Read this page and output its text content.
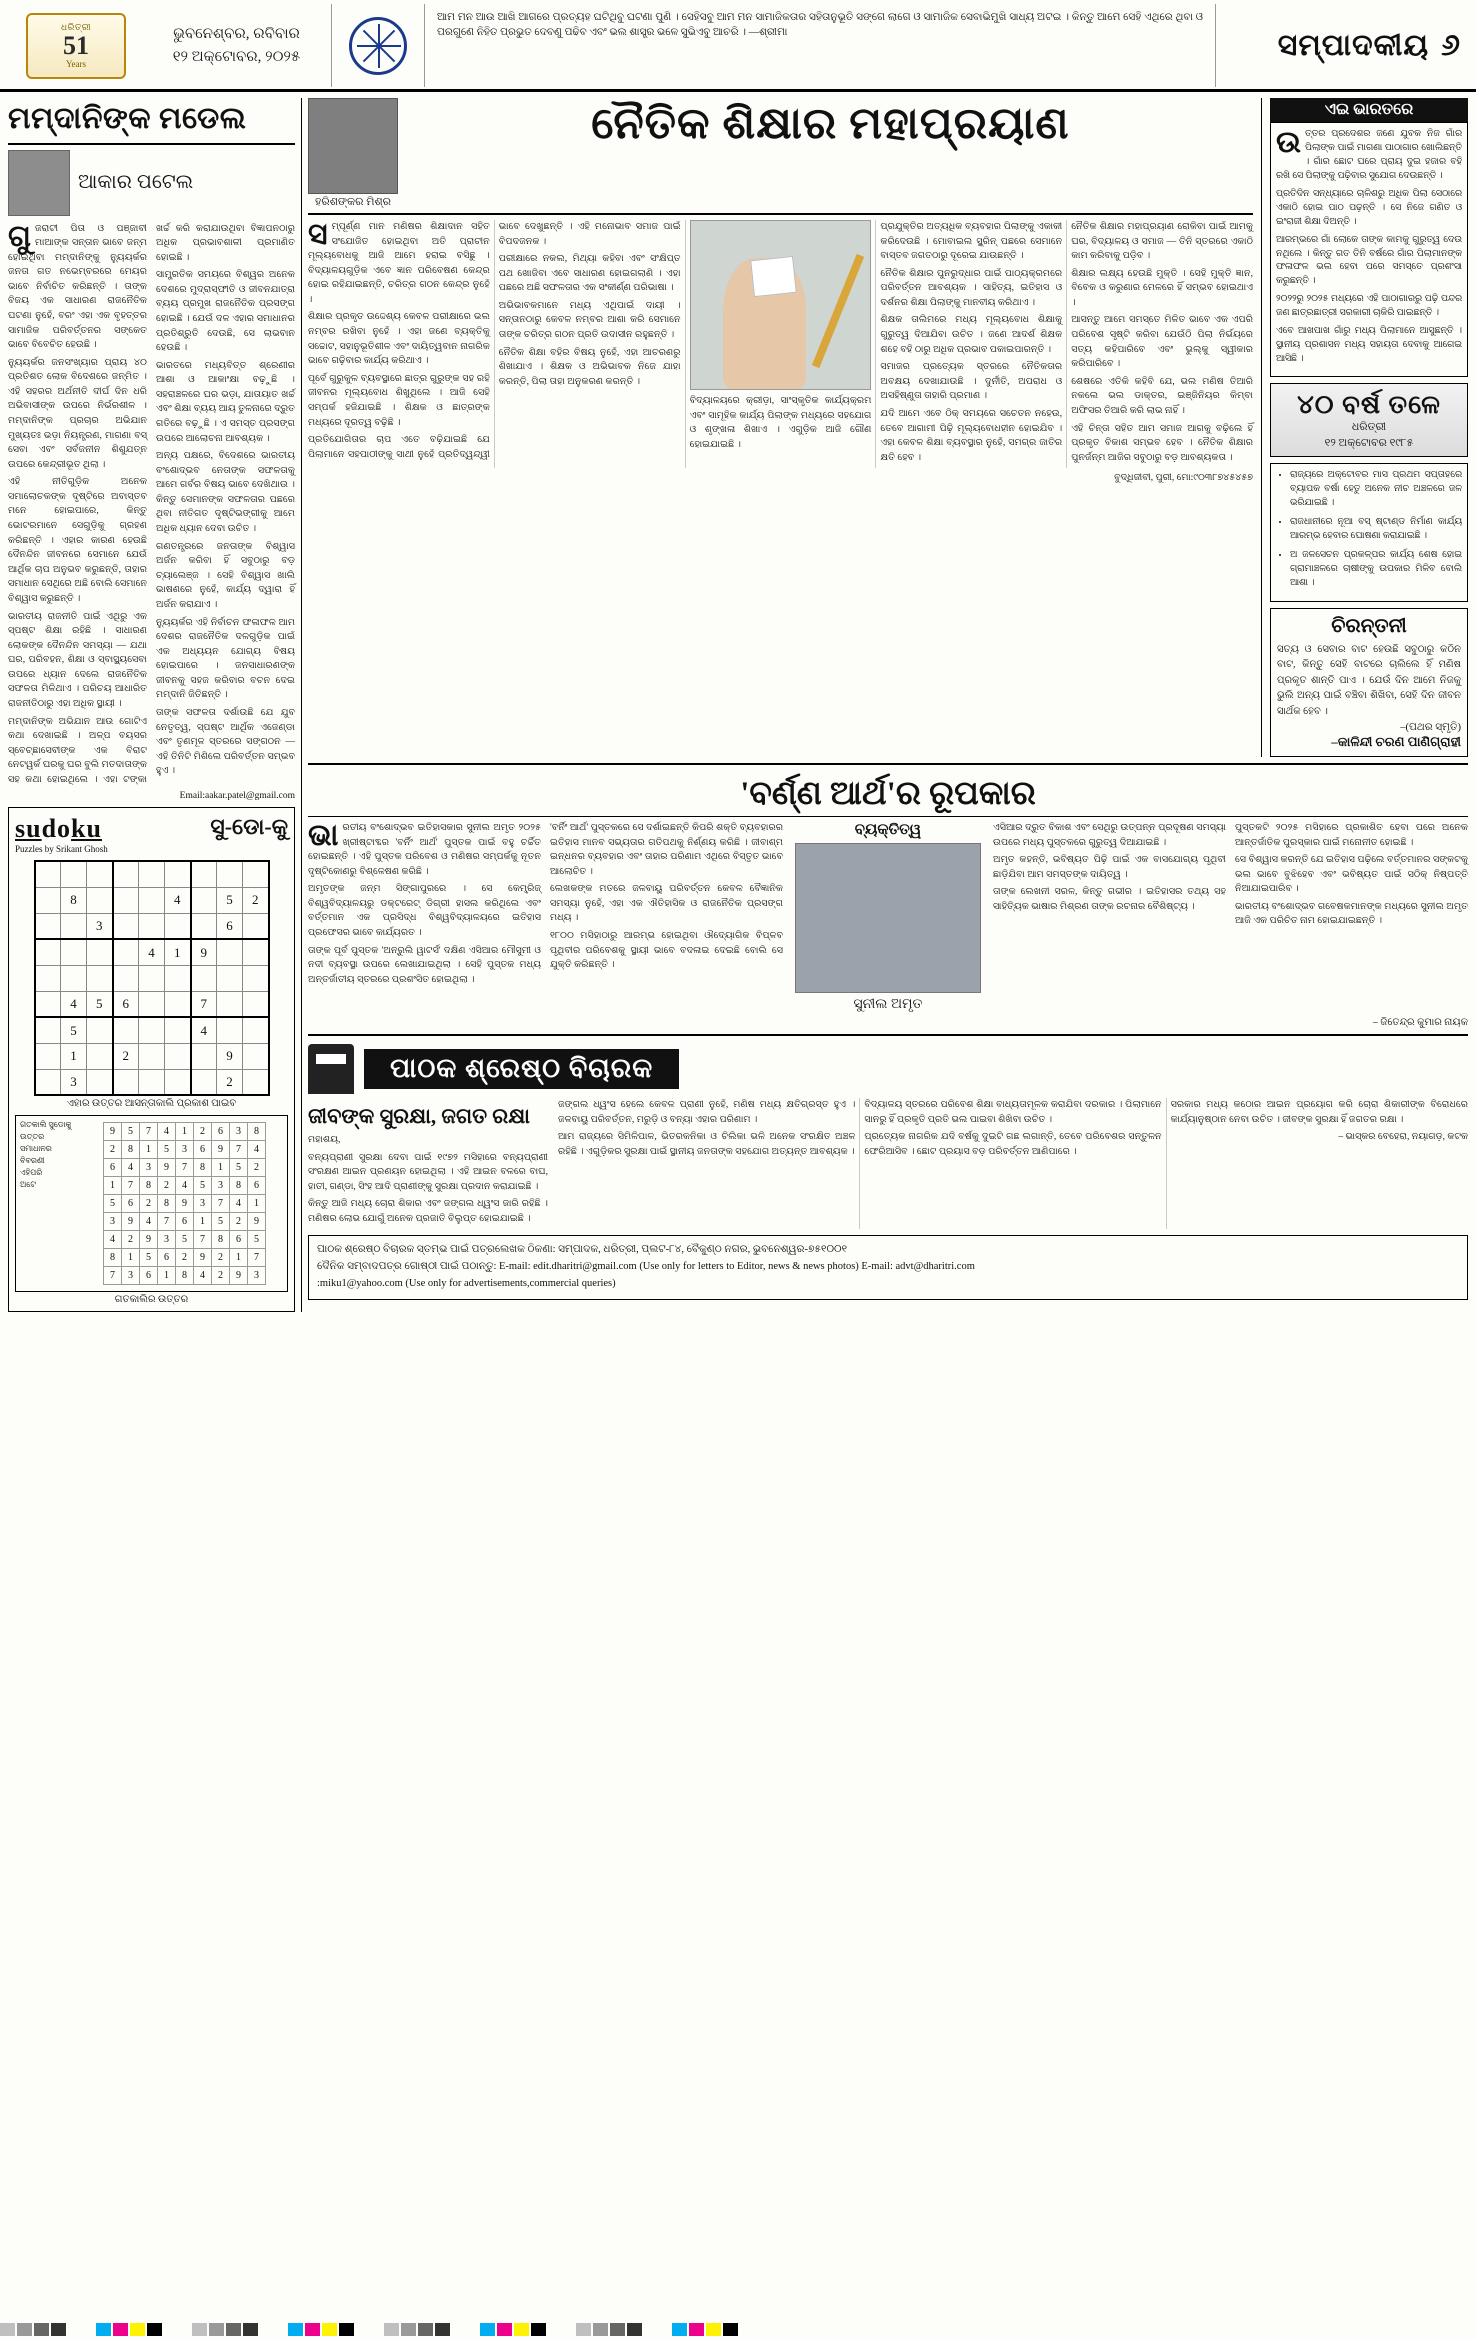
ଧରିତ୍ରୀ
51
Years
ଭୁବନେଶ୍ବର, ରବିବାର
୧୨ ଅକ୍ଟୋବର, ୨୦୨୫
ଆମ ମନ ଆଉ ଆଖି ଆଗରେ ପ୍ରତ୍ୟହ ଘଟିଥିବୁ ଘଟଣା ପୁଣି । ସେହିସବୁ ଆମ ମନ ସାମାଜିକତାର ସହିତାନୁଭୂତି ସଙ୍ଗେ ଲାଗେ ଓ ସାମାଜିକ ସେବାଭିମୁଖି ସାଧ୍ୟ ଅଟଇ । କିନ୍ତୁ ଆମେ ସେହି ଏଥିରେ ଥିବା ଓ ପରଗୁଣେ ନିହିତ ପ୍ରଭୁତ ଦେବଣୁ ପଢିବ ଏବଂ ଭଲ ଶାସ୍ତ୍ର ଭଳେ ସୁଭିଏବୁ ଆଚରି । —ଶ୍ରୀମା	ସମ୍ପାଦକୀୟ ୬
ମମ୍‌ଦାନିଙ୍କ ମଡେଲ
ଆକାର ପଟେଲ

ଗୁଜରାଟୀ ପିତା ଓ ପଞ୍ଜାବୀ ମାଆଙ୍କ ସନ୍ତାନ ଭାବେ ଜନ୍ମ ହୋଇଥିବା ମମ୍‌ଦାନିଙ୍କୁ ନ୍ୟୁୟର୍କର ଜନତା ଗତ ନଭେମ୍ବରରେ ମେୟର ଭାବେ ନିର୍ବାଚିତ କରିଛନ୍ତି । ତାଙ୍କ ବିଜୟ ଏକ ସାଧାରଣ ରାଜନୈତିକ ଘଟଣା ନୁହେଁ, ବରଂ ଏହା ଏକ ବୃହତ୍ତର ସାମାଜିକ ପରିବର୍ତ୍ତନର ସଙ୍କେତ ଭାବେ ବିବେଚିତ ହେଉଛି ।

ନ୍ୟୁୟର୍କର ଜନସଂଖ୍ୟାର ପ୍ରାୟ ୪୦ ପ୍ରତିଶତ ଲୋକ ବିଦେଶରେ ଜନ୍ମିତ । ଏହି ସହରର ଅର୍ଥନୀତି ଦୀର୍ଘ ଦିନ ଧରି ଅଭିବାସୀଙ୍କ ଉପରେ ନିର୍ଭରଶୀଳ । ମମ୍‌ଦାନିଙ୍କ ପ୍ରଚାର ଅଭିଯାନ ମୁଖ୍ୟତଃ ଭଡ଼ା ନିୟନ୍ତ୍ରଣ, ମାଗଣା ବସ୍‌ ସେବା ଏବଂ ସର୍ବଜନୀନ ଶିଶୁଯତ୍ନ ଉପରେ କେନ୍ଦ୍ରୀଭୂତ ଥିଲା ।

ଏହି ନୀତିଗୁଡ଼ିକ ଅନେକ ସମାଲୋଚକଙ୍କ ଦୃଷ୍ଟିରେ ଅବାସ୍ତବ ମନେ ହୋଇପାରେ, କିନ୍ତୁ ଭୋଟରମାନେ ସେଗୁଡ଼ିକୁ ଗ୍ରହଣ କରିଛନ୍ତି । ଏହାର କାରଣ ହେଉଛି ଦୈନନ୍ଦିନ ଜୀବନରେ ସେମାନେ ଯେଉଁ ଆର୍ଥିକ ଚାପ ଅନୁଭବ କରୁଛନ୍ତି, ତାହାର ସମାଧାନ ସେଥିରେ ଅଛି ବୋଲି ସେମାନେ ବିଶ୍ୱାସ କରୁଛନ୍ତି ।

ଭାରତୀୟ ରାଜନୀତି ପାଇଁ ଏଥିରୁ ଏକ ସ୍ପଷ୍ଟ ଶିକ୍ଷା ରହିଛି । ସାଧାରଣ ଲୋକଙ୍କ ଦୈନନ୍ଦିନ ସମସ୍ୟା — ଯଥା ଘର, ପରିବହନ, ଶିକ୍ଷା ଓ ସ୍ବାସ୍ଥ୍ୟସେବା ଉପରେ ଧ୍ୟାନ ଦେଲେ ରାଜନୈତିକ ସଫଳତା ମିଳିଥାଏ । ପରିଚୟ ଆଧାରିତ ରାଜନୀତିଠାରୁ ଏହା ଅଧିକ ସ୍ଥାୟୀ ।

ମମ୍‌ଦାନିଙ୍କ ଅଭିଯାନ ଆଉ ଗୋଟିଏ କଥା ଦେଖାଇଛି । ଅଳ୍ପ ବୟସର ସ୍ବେଚ୍ଛାସେବୀଙ୍କ ଏକ ବିରାଟ ନେଟୱର୍କ ଘରକୁ ଘର ବୁଲି ମତଦାତାଙ୍କ ସହ କଥା ହୋଇଥିଲେ । ଏହା ଟଙ୍କା ଖର୍ଚ୍ଚ କରି କରାଯାଉଥିବା ବିଜ୍ଞାପନଠାରୁ ଅଧିକ ପ୍ରଭାବଶାଳୀ ପ୍ରମାଣିତ ହୋଇଛି ।

ସାମ୍ପ୍ରତିକ ସମୟରେ ବିଶ୍ୱର ଅନେକ ଦେଶରେ ମୁଦ୍ରାସ୍ଫୀତି ଓ ଜୀବନଯାତ୍ରା ବ୍ୟୟ ପ୍ରମୁଖ ରାଜନୈତିକ ପ୍ରସଙ୍ଗ ହୋଇଛି । ଯେଉଁ ଦଳ ଏହାର ସମାଧାନର ପ୍ରତିଶ୍ରୁତି ଦେଉଛି, ସେ ଲାଭବାନ ହେଉଛି ।

ଭାରତରେ ମଧ୍ୟବିତ୍ତ ଶ୍ରେଣୀର ଆଶା ଓ ଆକାଂକ୍ଷା ବଢ଼ୁଛି । ସହରାଞ୍ଚଳରେ ଘର ଭଡ଼ା, ଯାତାୟାତ ଖର୍ଚ୍ଚ ଏବଂ ଶିକ୍ଷା ବ୍ୟୟ ଆୟ ତୁଳନାରେ ଦ୍ରୁତ ଗତିରେ ବଢ଼ୁଛି । ଏ ସମସ୍ତ ପ୍ରସଙ୍ଗ ଉପରେ ଆଲୋଚନା ଆବଶ୍ୟକ ।

ଅନ୍ୟ ପକ୍ଷରେ, ବିଦେଶରେ ଭାରତୀୟ ବଂଶୋଦ୍ଭବ ନେତାଙ୍କ ସଫଳତାକୁ ଆମେ ଗର୍ବର ବିଷୟ ଭାବେ ଦେଖିଥାଉ । କିନ୍ତୁ ସେମାନଙ୍କ ସଫଳତାର ପଛରେ ଥିବା ନୀତିଗତ ଦୃଷ୍ଟିଭଙ୍ଗୀକୁ ଆମେ ଅଧିକ ଧ୍ୟାନ ଦେବା ଉଚିତ ।

ଗଣତନ୍ତ୍ରରେ ଜନତାଙ୍କ ବିଶ୍ୱାସ ଅର୍ଜନ କରିବା ହିଁ ସବୁଠାରୁ ବଡ଼ ଚ୍ୟାଲେଞ୍ଜ । ସେହି ବିଶ୍ୱାସ ଖାଲି ଭାଷଣରେ ନୁହେଁ, କାର୍ଯ୍ୟ ଦ୍ୱାରା ହିଁ ଅର୍ଜନ କରାଯାଏ ।

ନ୍ୟୁୟର୍କର ଏହି ନିର୍ବାଚନ ଫଳାଫଳ ଆମ ଦେଶର ରାଜନୈତିକ ଦଳଗୁଡ଼ିକ ପାଇଁ ଏକ ଅଧ୍ୟୟନ ଯୋଗ୍ୟ ବିଷୟ ହୋଇପାରେ । ଜନସାଧାରଣଙ୍କ ଜୀବନକୁ ସହଜ କରିବାର ବଚନ ଦେଇ ମମ୍‌ଦାନି ଜିତିଛନ୍ତି ।

ତାଙ୍କ ସଫଳତା ଦର୍ଶାଉଛି ଯେ ଯୁବ ନେତୃତ୍ୱ, ସ୍ପଷ୍ଟ ଆର୍ଥିକ ଏଜେଣ୍ଡା ଏବଂ ତୃଣମୂଳ ସ୍ତରରେ ସଙ୍ଗଠନ — ଏହି ତିନିଟି ମିଶିଲେ ପରିବର୍ତ୍ତନ ସମ୍ଭବ ହୁଏ ।

Email:aakar.patel@gmail.com
sudoku
Puzzles by Srikant Ghosh
ସୁ-ଡୋ-କୁ

	8				4		5	2
		3					6	
				4	1	9		

	4	5	6			7		
	5					4		
	1		2				9	
	3						2	
ଏହାର ଉତ୍ତର ଆସନ୍ତାକାଲି ପ୍ରକାଶ ପାଇବ
ଗତକାଲି ସୁଡୋକୁ
ଉତ୍ତର
ସମାଧାନର
ବିବରଣୀ
ଏହିପରି
ଅଟେ
9	5	7	4	1	2	6	3	8
2	8	1	5	3	6	9	7	4
6	4	3	9	7	8	1	5	2
1	7	8	2	4	5	3	8	6
5	6	2	8	9	3	7	4	1
3	9	4	7	6	1	5	2	9
4	2	9	3	5	7	8	6	5
8	1	5	6	2	9	2	1	7
7	3	6	1	8	4	2	9	3
ଗତକାଲିର ଉତ୍ତର
ହରିଶଙ୍କର ମିଶ୍ର
ନୈତିକ ଶିକ୍ଷାର ମହାପ୍ରୟାଣ

ସମ୍ପୂର୍ଣ୍ଣ ମାନ ମଣିଷର ଶିକ୍ଷାଦାନ ସହିତ ସଂଯୋଜିତ ହୋଇଥିବା ଅତି ପ୍ରାଚୀନ ମୂଲ୍ୟବୋଧକୁ ଆଜି ଆମେ ହରାଇ ବସିଛୁ । ବିଦ୍ୟାଳୟଗୁଡ଼ିକ ଏବେ ଜ୍ଞାନ ପରିବେଷଣ କେନ୍ଦ୍ର ହୋଇ ରହିଯାଇଛନ୍ତି, ଚରିତ୍ର ଗଠନ କେନ୍ଦ୍ର ନୁହେଁ ।

ଶିକ୍ଷାର ପ୍ରକୃତ ଉଦ୍ଦେଶ୍ୟ କେବଳ ପରୀକ୍ଷାରେ ଭଲ ନମ୍ବର ରଖିବା ନୁହେଁ । ଏହା ଜଣେ ବ୍ୟକ୍ତିକୁ ସଚ୍ଚୋଟ, ସହାନୁଭୂତିଶୀଳ ଏବଂ ଦାୟିତ୍ୱବାନ ନାଗରିକ ଭାବେ ଗଢ଼ିବାର କାର୍ଯ୍ୟ କରିଥାଏ ।

ପୂର୍ବେ ଗୁରୁକୁଳ ବ୍ୟବସ୍ଥାରେ ଛାତ୍ର ଗୁରୁଙ୍କ ସହ ରହି ଜୀବନର ମୂଲ୍ୟବୋଧ ଶିଖୁଥିଲେ । ଆଜି ସେହି ସମ୍ପର୍କ ହଜିଯାଇଛି । ଶିକ୍ଷକ ଓ ଛାତ୍ରଙ୍କ ମଧ୍ୟରେ ଦୂରତ୍ୱ ବଢ଼ିଛି ।

ପ୍ରତିଯୋଗିତାର ଚାପ ଏତେ ବଢ଼ିଯାଇଛି ଯେ ପିଲାମାନେ ସହପାଠୀଙ୍କୁ ସାଥୀ ନୁହେଁ ପ୍ରତିଦ୍ୱନ୍ଦ୍ୱୀ ଭାବେ ଦେଖୁଛନ୍ତି । ଏହି ମନୋଭାବ ସମାଜ ପାଇଁ ବିପଦଜନକ ।

ପରୀକ୍ଷାରେ ନକଲ, ମିଥ୍ୟା କହିବା ଏବଂ ସଂକ୍ଷିପ୍ତ ପଥ ଖୋଜିବା ଏବେ ସାଧାରଣ ହୋଇଗଲାଣି । ଏହା ପଛରେ ଅଛି ସଫଳତାର ଏକ ସଂକୀର୍ଣ୍ଣ ପରିଭାଷା ।

ଅଭିଭାବକମାନେ ମଧ୍ୟ ଏଥିପାଇଁ ଦାୟୀ । ସନ୍ତାନଠାରୁ କେବଳ ନମ୍ବର ଆଶା କରି ସେମାନେ ତାଙ୍କ ଚରିତ୍ର ଗଠନ ପ୍ରତି ଉଦାସୀନ ରହୁଛନ୍ତି ।

ନୈତିକ ଶିକ୍ଷା ବହିର ବିଷୟ ନୁହେଁ, ଏହା ଆଚରଣରୁ ଶିଖାଯାଏ । ଶିକ୍ଷକ ଓ ଅଭିଭାବକ ନିଜେ ଯାହା କରନ୍ତି, ପିଲା ତାହା ଅନୁକରଣ କରନ୍ତି ।

ବିଦ୍ୟାଳୟରେ କ୍ରୀଡ଼ା, ସାଂସ୍କୃତିକ କାର୍ଯ୍ୟକ୍ରମ ଏବଂ ସାମୂହିକ କାର୍ଯ୍ୟ ପିଲାଙ୍କ ମଧ୍ୟରେ ସହଯୋଗ ଓ ଶୃଙ୍ଖଳା ଶିଖାଏ । ଏଗୁଡ଼ିକ ଆଜି ଗୌଣ ହୋଇଯାଇଛି ।

ପ୍ରଯୁକ୍ତିର ଅତ୍ୟଧିକ ବ୍ୟବହାର ପିଲାଙ୍କୁ ଏକାକୀ କରିଦେଉଛି । ମୋବାଇଲ ସ୍କ୍ରିନ୍‌ ପଛରେ ସେମାନେ ବାସ୍ତବ ଜଗତଠାରୁ ଦୂରେଇ ଯାଉଛନ୍ତି ।

ନୈତିକ ଶିକ୍ଷାର ପୁନରୁଦ୍ଧାର ପାଇଁ ପାଠ୍ୟକ୍ରମରେ ପରିବର୍ତ୍ତନ ଆବଶ୍ୟକ । ସାହିତ୍ୟ, ଇତିହାସ ଓ ଦର୍ଶନର ଶିକ୍ଷା ପିଲାଙ୍କୁ ମାନବୀୟ କରିଥାଏ ।

ଶିକ୍ଷକ ତାଲିମରେ ମଧ୍ୟ ମୂଲ୍ୟବୋଧ ଶିକ୍ଷାକୁ ଗୁରୁତ୍ୱ ଦିଆଯିବା ଉଚିତ । ଜଣେ ଆଦର୍ଶ ଶିକ୍ଷକ ଶହେ ବହି ଠାରୁ ଅଧିକ ପ୍ରଭାବ ପକାଇପାରନ୍ତି ।

ସମାଜର ପ୍ରତ୍ୟେକ ସ୍ତରରେ ନୈତିକତାର ଅବକ୍ଷୟ ଦେଖାଯାଉଛି । ଦୁର୍ନୀତି, ଅପରାଧ ଓ ଅସହିଷ୍ଣୁତା ତାହାରି ପ୍ରମାଣ ।

ଯଦି ଆମେ ଏବେ ଠିକ୍‌ ସମୟରେ ସଚେତନ ନହେଉ, ତେବେ ଆଗାମୀ ପିଢ଼ି ମୂଲ୍ୟବୋଧହୀନ ହୋଇଯିବ । ଏହା କେବଳ ଶିକ୍ଷା ବ୍ୟବସ୍ଥାର ନୁହେଁ, ସମଗ୍ର ଜାତିର କ୍ଷତି ହେବ ।

ନୈତିକ ଶିକ୍ଷାର ମହାପ୍ରୟାଣ ରୋକିବା ପାଇଁ ଆମକୁ ଘର, ବିଦ୍ୟାଳୟ ଓ ସମାଜ — ତିନି ସ୍ତରରେ ଏକାଠି କାମ କରିବାକୁ ପଡ଼ିବ ।

ଶିକ୍ଷାର ଲକ୍ଷ୍ୟ ହେଉଛି ମୁକ୍ତି । ସେହି ମୁକ୍ତି ଜ୍ଞାନ, ବିବେକ ଓ କରୁଣାର ମେଳରେ ହିଁ ସମ୍ଭବ ହୋଇଥାଏ ।

ଆସନ୍ତୁ ଆମେ ସମସ୍ତେ ମିଳିତ ଭାବେ ଏକ ଏପରି ପରିବେଶ ସୃଷ୍ଟି କରିବା ଯେଉଁଠି ପିଲା ନିର୍ଭୟରେ ସତ୍ୟ କହିପାରିବେ ଏବଂ ଭୁଲ୍‌କୁ ସ୍ୱୀକାର କରିପାରିବେ ।

ଶେଷରେ ଏତିକି କହିବି ଯେ, ଭଲ ମଣିଷ ତିଆରି ନକଲେ ଭଲ ଡାକ୍ତର, ଇଞ୍ଜିନିୟର କିମ୍ବା ଅଫିସର ତିଆରି କରି ଲାଭ ନାହିଁ ।

ଏହି ଚିନ୍ତା ସହିତ ଆମ ସମାଜ ଆଗକୁ ବଢ଼ିଲେ ହିଁ ପ୍ରକୃତ ବିକାଶ ସମ୍ଭବ ହେବ । ନୈତିକ ଶିକ୍ଷାର ପୁନର୍ଜନ୍ମ ଆଜିର ସବୁଠାରୁ ବଡ଼ ଆବଶ୍ୟକତା ।

ବୁଦ୍ଧିଜୀବୀ, ପୁରୀ, ମୋ:୯୦୩୮୭୪୫୪୫୭
ଏଇ ଭାରତରେ

ଉତ୍ତର ପ୍ରଦେଶର ଜଣେ ଯୁବକ ନିଜ ଗାଁର ପିଲାଙ୍କ ପାଇଁ ମାଗଣା ପାଠାଗାର ଖୋଲିଛନ୍ତି । ଗାଁର ଛୋଟ ଘରେ ପ୍ରାୟ ଦୁଇ ହଜାର ବହି ରଖି ସେ ପିଲାଙ୍କୁ ପଢ଼ିବାର ସୁଯୋଗ ଦେଉଛନ୍ତି ।

ପ୍ରତିଦିନ ସନ୍ଧ୍ୟାରେ ଚାଳିଶରୁ ଅଧିକ ପିଲା ସେଠାରେ ଏକାଠି ହୋଇ ପାଠ ପଢ଼ନ୍ତି । ସେ ନିଜେ ଗଣିତ ଓ ଇଂରାଜୀ ଶିକ୍ଷା ଦିଅନ୍ତି ।

ଆରମ୍ଭରେ ଗାଁ ଲୋକେ ତାଙ୍କ କାମକୁ ଗୁରୁତ୍ୱ ଦେଉ ନଥିଲେ । କିନ୍ତୁ ଗତ ତିନି ବର୍ଷରେ ଗାଁର ପିଲାମାନଙ୍କ ଫଳାଫଳ ଭଲ ହେବା ପରେ ସମସ୍ତେ ପ୍ରଶଂସା କରୁଛନ୍ତି ।

୨୦୨୨ରୁ ୨୦୨୫ ମଧ୍ୟରେ ଏହି ପାଠାଗାରରୁ ପଢ଼ି ପନ୍ଦର ଜଣ ଛାତ୍ରଛାତ୍ରୀ ସରକାରୀ ଚାକିରି ପାଇଛନ୍ତି ।

ଏବେ ଆଖପାଖ ଗାଁରୁ ମଧ୍ୟ ପିଲାମାନେ ଆସୁଛନ୍ତି । ସ୍ଥାନୀୟ ପ୍ରଶାସନ ମଧ୍ୟ ସହାୟତା ଦେବାକୁ ଆଗେଇ ଆସିଛି ।

୪୦ ବର୍ଷ ତଳେ
ଧରିତ୍ରୀ
୧୨ ଅକ୍ଟୋବର ୧୯୮୫
• ରାଜ୍ୟରେ ଅକ୍ଟୋବର ମାସ ପ୍ରଥମ ସପ୍ତାହରେ ବ୍ୟାପକ ବର୍ଷା ହେତୁ ଅନେକ ନୀଚ ଅଞ୍ଚଳରେ ଜଳ ଭରିଯାଇଛି ।
• ରାଜଧାନୀରେ ନୂଆ ବସ୍‌ ଷ୍ଟାଣ୍ଡ ନିର୍ମାଣ କାର୍ଯ୍ୟ ଆରମ୍ଭ ହେବାର ଘୋଷଣା କରାଯାଇଛି ।
• ଅ ଜଳସେଚନ ପ୍ରକଳ୍ପର କାର୍ଯ୍ୟ ଶେଷ ହୋଇ ଗ୍ରାମାଞ୍ଚଳରେ ଚାଷୀଙ୍କୁ ଉପକାର ମିଳିବ ବୋଲି ଆଶା ।
ଚିରନ୍ତନୀ
ସତ୍ୟ ଓ ସେବାର ବାଟ ହେଉଛି ସବୁଠାରୁ କଠିନ ବାଟ, କିନ୍ତୁ ସେହି ବାଟରେ ଚାଲିଲେ ହିଁ ମଣିଷ ପ୍ରକୃତ ଶାନ୍ତି ପାଏ । ଯେଉଁ ଦିନ ଆମେ ନିଜକୁ ଭୁଲି ଅନ୍ୟ ପାଇଁ ବଞ୍ଚିବା ଶିଖିବା, ସେହି ଦିନ ଜୀବନ ସାର୍ଥକ ହେବ ।
–(ପଥର ସ୍ମୃତି)
–କାଳିନ୍ଦୀ ଚରଣ ପାଣିଗ୍ରାହୀ
'ବର୍ଣ୍ଣ ଆର୍ଥ'ର ରୂପକାର

ଭାରତୀୟ ବଂଶୋଦ୍ଭବ ଇତିହାସକାର ସୁନୀଲ ଅମୃତ ୨୦୨୫ ଖ୍ରୀଷ୍ଟାବ୍ଦର 'ବର୍ନିଂ ଆର୍ଥ' ପୁସ୍ତକ ପାଇଁ ବହୁ ଚର୍ଚ୍ଚିତ ହୋଇଛନ୍ତି । ଏହି ପୁସ୍ତକ ପରିବେଶ ଓ ମଣିଷର ସମ୍ପର୍କକୁ ନୂତନ ଦୃଷ୍ଟିକୋଣରୁ ବିଶ୍ଳେଷଣ କରିଛି ।

ଅମୃତଙ୍କ ଜନ୍ମ ସିଙ୍ଗାପୁରରେ । ସେ କେମ୍ବ୍ରିଜ୍‌ ବିଶ୍ୱବିଦ୍ୟାଳୟରୁ ଡକ୍ଟରେଟ୍‌ ଡିଗ୍ରୀ ହାସଲ କରିଥିଲେ ଏବଂ ବର୍ତ୍ତମାନ ଏକ ପ୍ରସିଦ୍ଧ ବିଶ୍ୱବିଦ୍ୟାଳୟରେ ଇତିହାସ ପ୍ରଫେସର ଭାବେ କାର୍ଯ୍ୟରତ ।

ତାଙ୍କ ପୂର୍ବ ପୁସ୍ତକ 'ଅନ୍‌ରୁଲି ୱାଟର୍ସ' ଦକ୍ଷିଣ ଏସିଆର ମୌସୁମୀ ଓ ନଦୀ ବ୍ୟବସ୍ଥା ଉପରେ ଲେଖାଯାଇଥିଲା । ସେହି ପୁସ୍ତକ ମଧ୍ୟ ଅନ୍ତର୍ଜାତୀୟ ସ୍ତରରେ ପ୍ରଶଂସିତ ହୋଇଥିଲା ।

'ବର୍ନିଂ ଆର୍ଥ' ପୁସ୍ତକରେ ସେ ଦର୍ଶାଇଛନ୍ତି କିପରି ଶକ୍ତି ବ୍ୟବହାରର ଇତିହାସ ମାନବ ସଭ୍ୟତାର ଗତିପଥକୁ ନିର୍ଣ୍ଣୟ କରିଛି । ଜୀବାଶ୍ମ ଇନ୍ଧନର ବ୍ୟବହାର ଏବଂ ତାହାର ପରିଣାମ ଏଥିରେ ବିସ୍ତୃତ ଭାବେ ଆଲୋଚିତ ।

ଲେଖକଙ୍କ ମତରେ ଜଳବାୟୁ ପରିବର୍ତ୍ତନ କେବଳ ବୈଜ୍ଞାନିକ ସମସ୍ୟା ନୁହେଁ, ଏହା ଏକ ଐତିହାସିକ ଓ ରାଜନୈତିକ ପ୍ରସଙ୍ଗ ମଧ୍ୟ ।

୧୮୦୦ ମସିହାଠାରୁ ଆରମ୍ଭ ହୋଇଥିବା ଔଦ୍ୟୋଗିକ ବିପ୍ଳବ ପୃଥିବୀର ପରିବେଶକୁ ସ୍ଥାୟୀ ଭାବେ ବଦଳାଇ ଦେଇଛି ବୋଲି ସେ ଯୁକ୍ତି କରିଛନ୍ତି ।

ବ୍ୟକ୍ତିତ୍ୱ
ସୁନୀଲ ଅମୃତ

ଏସିଆର ଦ୍ରୁତ ବିକାଶ ଏବଂ ସେଥିରୁ ଉତ୍ପନ୍ନ ପ୍ରଦୂଷଣ ସମସ୍ୟା ଉପରେ ମଧ୍ୟ ପୁସ୍ତକରେ ଗୁରୁତ୍ୱ ଦିଆଯାଇଛି ।

ଅମୃତ କହନ୍ତି, ଭବିଷ୍ୟତ ପିଢ଼ି ପାଇଁ ଏକ ବାସଯୋଗ୍ୟ ପୃଥିବୀ ଛାଡ଼ିଯିବା ଆମ ସମସ୍ତଙ୍କ ଦାୟିତ୍ୱ ।

ତାଙ୍କ ଲେଖନୀ ସରଳ, କିନ୍ତୁ ଗଭୀର । ଇତିହାସର ତଥ୍ୟ ସହ ସାହିତ୍ୟିକ ଭାଷାର ମିଶ୍ରଣ ତାଙ୍କ ରଚନାର ବୈଶିଷ୍ଟ୍ୟ ।

ପୁସ୍ତକଟି ୨୦୨୫ ମସିହାରେ ପ୍ରକାଶିତ ହେବା ପରେ ଅନେକ ଆନ୍ତର୍ଜାତିକ ପୁରସ୍କାର ପାଇଁ ମନୋନୀତ ହୋଇଛି ।

ସେ ବିଶ୍ୱାସ କରନ୍ତି ଯେ ଇତିହାସ ପଢ଼ିଲେ ବର୍ତ୍ତମାନର ସଙ୍କଟକୁ ଭଲ ଭାବେ ବୁଝିହେବ ଏବଂ ଭବିଷ୍ୟତ ପାଇଁ ସଠିକ୍‌ ନିଷ୍ପତ୍ତି ନିଆଯାଇପାରିବ ।

ଭାରତୀୟ ବଂଶୋଦ୍ଭବ ଗବେଷକମାନଙ୍କ ମଧ୍ୟରେ ସୁନୀଲ ଅମୃତ ଆଜି ଏକ ପରିଚିତ ନାମ ହୋଇଯାଇଛନ୍ତି ।

– ଜିତେନ୍ଦ୍ର କୁମାର ନାୟକ
ପାଠକ ଶ୍ରେଷ୍ଠ ବିଚାରକ
ଜୀବଙ୍କ ସୁରକ୍ଷା, ଜଗତ ରକ୍ଷା

ମହାଶୟ,

ବନ୍ୟପ୍ରାଣୀ ସୁରକ୍ଷା ଦେବା ପାଇଁ ୧୯୭୨ ମସିହାରେ ବନ୍ୟପ୍ରାଣୀ ସଂରକ୍ଷଣ ଆଇନ ପ୍ରଣୟନ ହୋଇଥିଲା । ଏହି ଆଇନ ବଳରେ ବାଘ, ହାତୀ, ଗଣ୍ଡା, ସିଂହ ଆଦି ପ୍ରାଣୀଙ୍କୁ ସୁରକ୍ଷା ପ୍ରଦାନ କରାଯାଇଛି ।

କିନ୍ତୁ ଆଜି ମଧ୍ୟ ଚୋରା ଶିକାର ଏବଂ ଜଙ୍ଗଲ ଧ୍ୱଂସ ଜାରି ରହିଛି । ମଣିଷର ଲୋଭ ଯୋଗୁଁ ଅନେକ ପ୍ରଜାତି ବିଲୁପ୍ତ ହୋଇଯାଇଛି ।

ଜଙ୍ଗଲ ଧ୍ୱଂସ ହେଲେ କେବଳ ପ୍ରାଣୀ ନୁହେଁ, ମଣିଷ ମଧ୍ୟ କ୍ଷତିଗ୍ରସ୍ତ ହୁଏ । ଜଳବାୟୁ ପରିବର୍ତ୍ତନ, ମରୁଡ଼ି ଓ ବନ୍ୟା ଏହାର ପରିଣାମ ।

ଆମ ରାଜ୍ୟରେ ସିମିଳିପାଳ, ଭିତରକନିକା ଓ ଚିଲିକା ଭଳି ଅନେକ ସଂରକ୍ଷିତ ଅଞ୍ଚଳ ରହିଛି । ଏଗୁଡ଼ିକର ସୁରକ୍ଷା ପାଇଁ ସ୍ଥାନୀୟ ଜନତାଙ୍କ ସହଯୋଗ ଅତ୍ୟନ୍ତ ଆବଶ୍ୟକ ।

ବିଦ୍ୟାଳୟ ସ୍ତରରେ ପରିବେଶ ଶିକ୍ଷା ବାଧ୍ୟତାମୂଳକ କରାଯିବା ଦରକାର । ପିଲାମାନେ ସାନରୁ ହିଁ ପ୍ରକୃତି ପ୍ରତି ଭଲ ପାଇବା ଶିଖିବା ଉଚିତ ।

ପ୍ରତ୍ୟେକ ନାଗରିକ ଯଦି ବର୍ଷକୁ ଦୁଇଟି ଗଛ ଲଗାନ୍ତି, ତେବେ ପରିବେଶର ସନ୍ତୁଳନ ଫେରିଆସିବ । ଛୋଟ ପ୍ରୟାସ ବଡ଼ ପରିବର୍ତ୍ତନ ଆଣିପାରେ ।

ସରକାର ମଧ୍ୟ କଠୋର ଆଇନ ପ୍ରୟୋଗ କରି ଚୋରା ଶିକାରୀଙ୍କ ବିରୋଧରେ କାର୍ଯ୍ୟାନୁଷ୍ଠାନ ନେବା ଉଚିତ । ଜୀବଙ୍କ ସୁରକ୍ଷା ହିଁ ଜଗତର ରକ୍ଷା ।

– ଭାସ୍କର ବେହେରା, ନୟାଗଡ଼, କଟକ
ପାଠକ ଶ୍ରେଷ୍ଠ ବିଚାରକ ସ୍ତମ୍ଭ ପାଇଁ ପତ୍ରଲେଖକ ଠିକଣା: ସମ୍ପାଦକ, ଧରିତ୍ରୀ, ପ୍ଲଟ-୮୪, ବୈକୁଣ୍ଠ ନଗର, ଭୁବନେଶ୍ୱର-୭୫୧୦୦୧
ଦୈନିକ ସମ୍ବାଦପତ୍ର ଗୋଷ୍ଠୀ ପାଇଁ ପଠାନ୍ତୁ: E-mail: edit.dharitri@gmail.com (Use only for letters to Editor, news & news photos) E-mail: advt@dharitri.com
:miku1@yahoo.com (Use only for advertisements,commercial queries)
